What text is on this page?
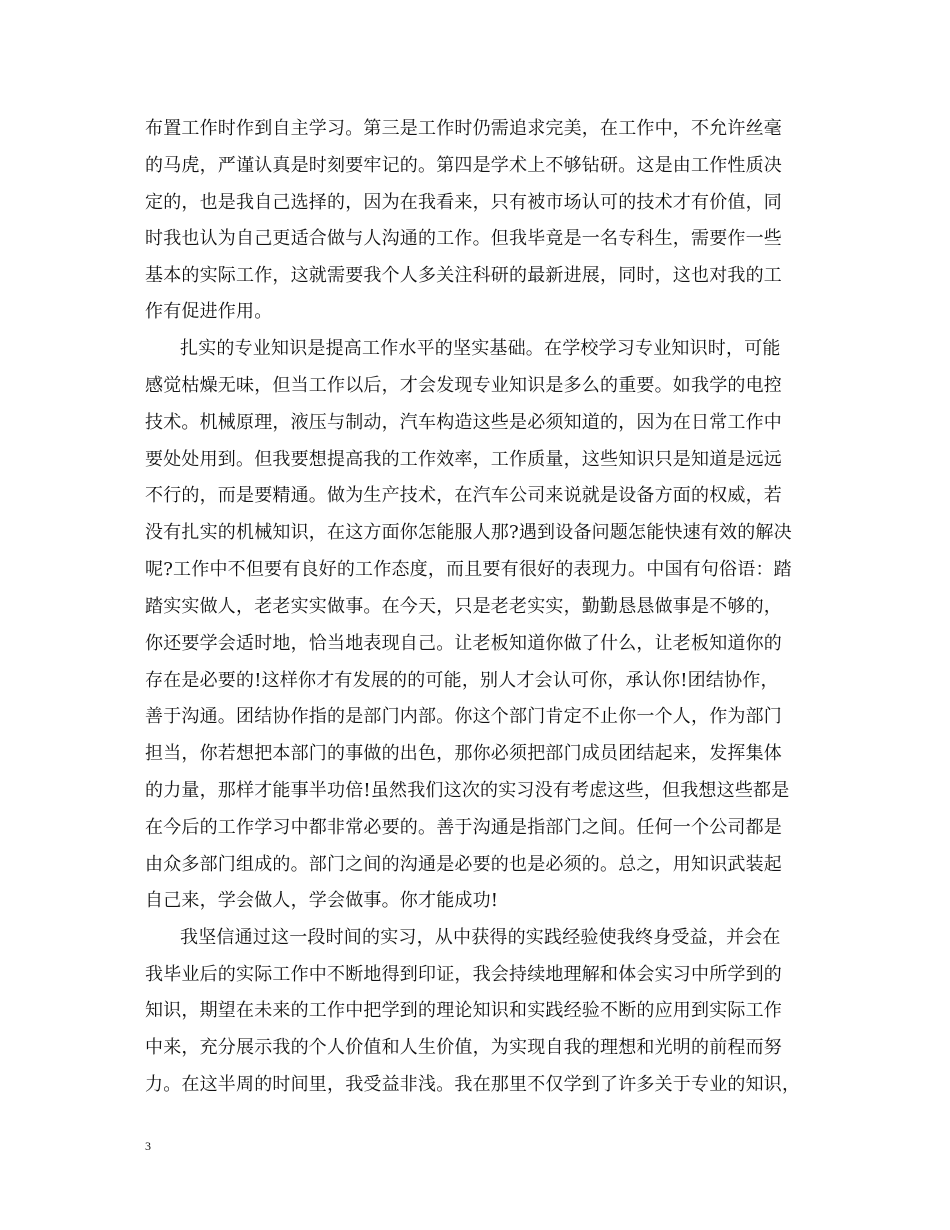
布置工作时作到自主学习。第三是工作时仍需追求完美，在工作中，不允许丝毫
的马虎，严谨认真是时刻要牢记的。第四是学术上不够钻研。这是由工作性质决
定的，也是我自己选择的，因为在我看来，只有被市场认可的技术才有价值，同
时我也认为自己更适合做与人沟通的工作。但我毕竟是一名专科生，需要作一些
基本的实际工作，这就需要我个人多关注科研的最新进展，同时，这也对我的工
作有促进作用。
扎实的专业知识是提高工作水平的坚实基础。在学校学习专业知识时，可能
感觉枯燥无味，但当工作以后，才会发现专业知识是多么的重要。如我学的电控
技术。机械原理，液压与制动，汽车构造这些是必须知道的，因为在日常工作中
要处处用到。但我要想提高我的工作效率，工作质量，这些知识只是知道是远远
不行的，而是要精通。做为生产技术，在汽车公司来说就是设备方面的权威，若
没有扎实的机械知识，在这方面你怎能服人那?遇到设备问题怎能快速有效的解决
呢?工作中不但要有良好的工作态度，而且要有很好的表现力。中国有句俗语：踏
踏实实做人，老老实实做事。在今天，只是老老实实，勤勤恳恳做事是不够的，
你还要学会适时地，恰当地表现自己。让老板知道你做了什么，让老板知道你的
存在是必要的!这样你才有发展的的可能，别人才会认可你，承认你!团结协作，
善于沟通。团结协作指的是部门内部。你这个部门肯定不止你一个人，作为部门
担当，你若想把本部门的事做的出色，那你必须把部门成员团结起来，发挥集体
的力量，那样才能事半功倍!虽然我们这次的实习没有考虑这些，但我想这些都是
在今后的工作学习中都非常必要的。善于沟通是指部门之间。任何一个公司都是
由众多部门组成的。部门之间的沟通是必要的也是必须的。总之，用知识武装起
自己来，学会做人，学会做事。你才能成功!
我坚信通过这一段时间的实习，从中获得的实践经验使我终身受益，并会在
我毕业后的实际工作中不断地得到印证，我会持续地理解和体会实习中所学到的
知识，期望在未来的工作中把学到的理论知识和实践经验不断的应用到实际工作
中来，充分展示我的个人价值和人生价值，为实现自我的理想和光明的前程而努
力。在这半周的时间里，我受益非浅。我在那里不仅学到了许多关于专业的知识，
3
